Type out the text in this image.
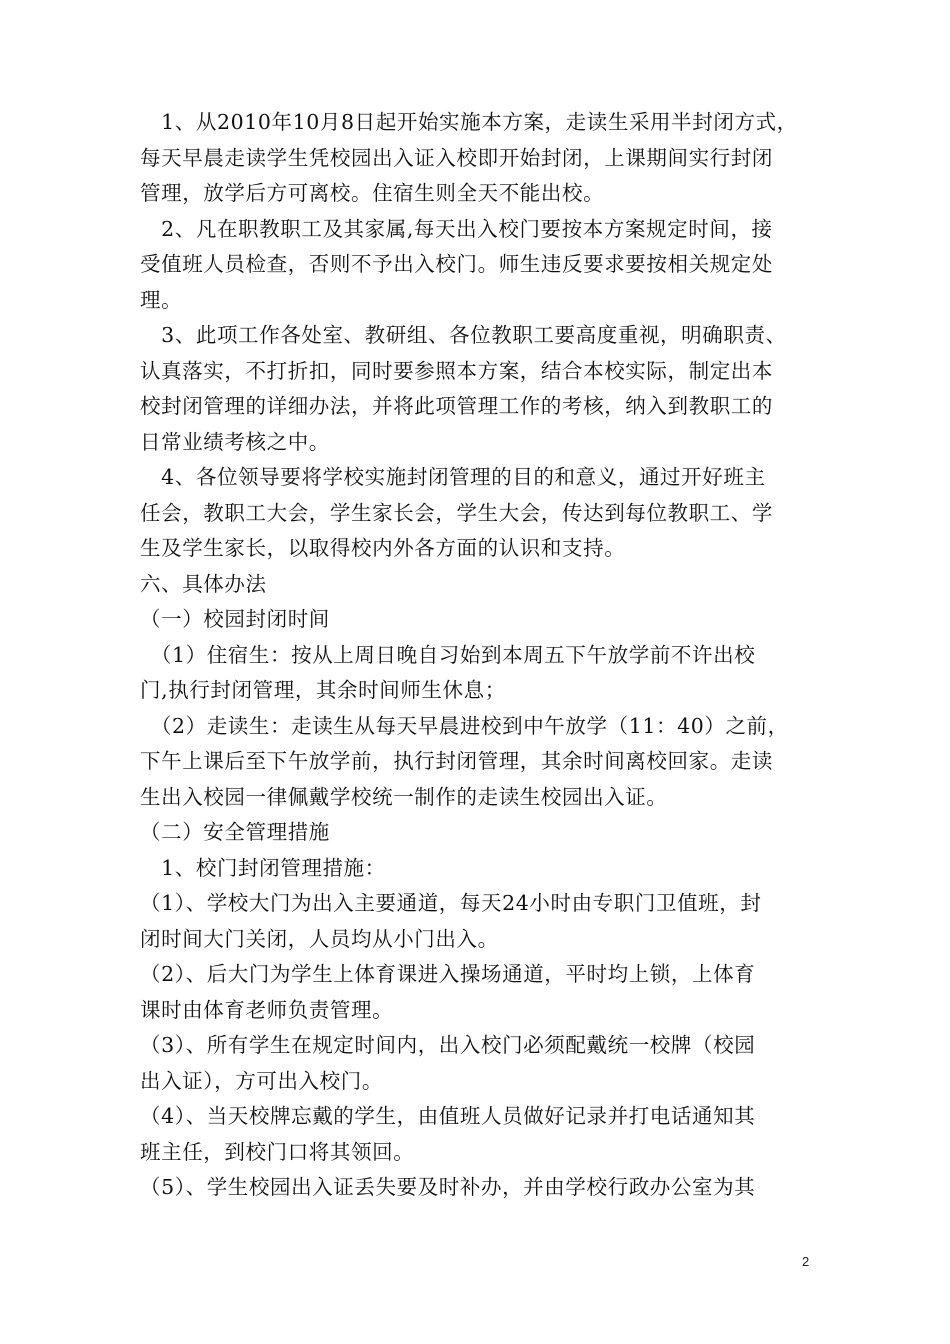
　1、从2010年10月8日起开始实施本方案，走读生采用半封闭方式，
每天早晨走读学生凭校园出入证入校即开始封闭，上课期间实行封闭
管理，放学后方可离校。住宿生则全天不能出校。
　2、凡在职教职工及其家属,每天出入校门要按本方案规定时间，接
受值班人员检查，否则不予出入校门。师生违反要求要按相关规定处
理。
　3、此项工作各处室、教研组、各位教职工要高度重视，明确职责、
认真落实，不打折扣，同时要参照本方案，结合本校实际，制定出本
校封闭管理的详细办法，并将此项管理工作的考核，纳入到教职工的
日常业绩考核之中。
　4、各位领导要将学校实施封闭管理的目的和意义，通过开好班主
任会，教职工大会，学生家长会，学生大会，传达到每位教职工、学
生及学生家长，以取得校内外各方面的认识和支持。
六、具体办法
（一）校园封闭时间
　（1）住宿生：按从上周日晚自习始到本周五下午放学前不许出校
门,执行封闭管理，其余时间师生休息；
　（2）走读生：走读生从每天早晨进校到中午放学（11：40）之前，
下午上课后至下午放学前，执行封闭管理，其余时间离校回家。走读
生出入校园一律佩戴学校统一制作的走读生校园出入证。
（二）安全管理措施
　1、校门封闭管理措施：
（1）、学校大门为出入主要通道，每天24小时由专职门卫值班，封
闭时间大门关闭，人员均从小门出入。
（2）、后大门为学生上体育课进入操场通道，平时均上锁，上体育
课时由体育老师负责管理。
（3）、所有学生在规定时间内，出入校门必须配戴统一校牌（校园
出入证），方可出入校门。
（4）、当天校牌忘戴的学生，由值班人员做好记录并打电话通知其
班主任，到校门口将其领回。
（5）、学生校园出入证丢失要及时补办，并由学校行政办公室为其
2
